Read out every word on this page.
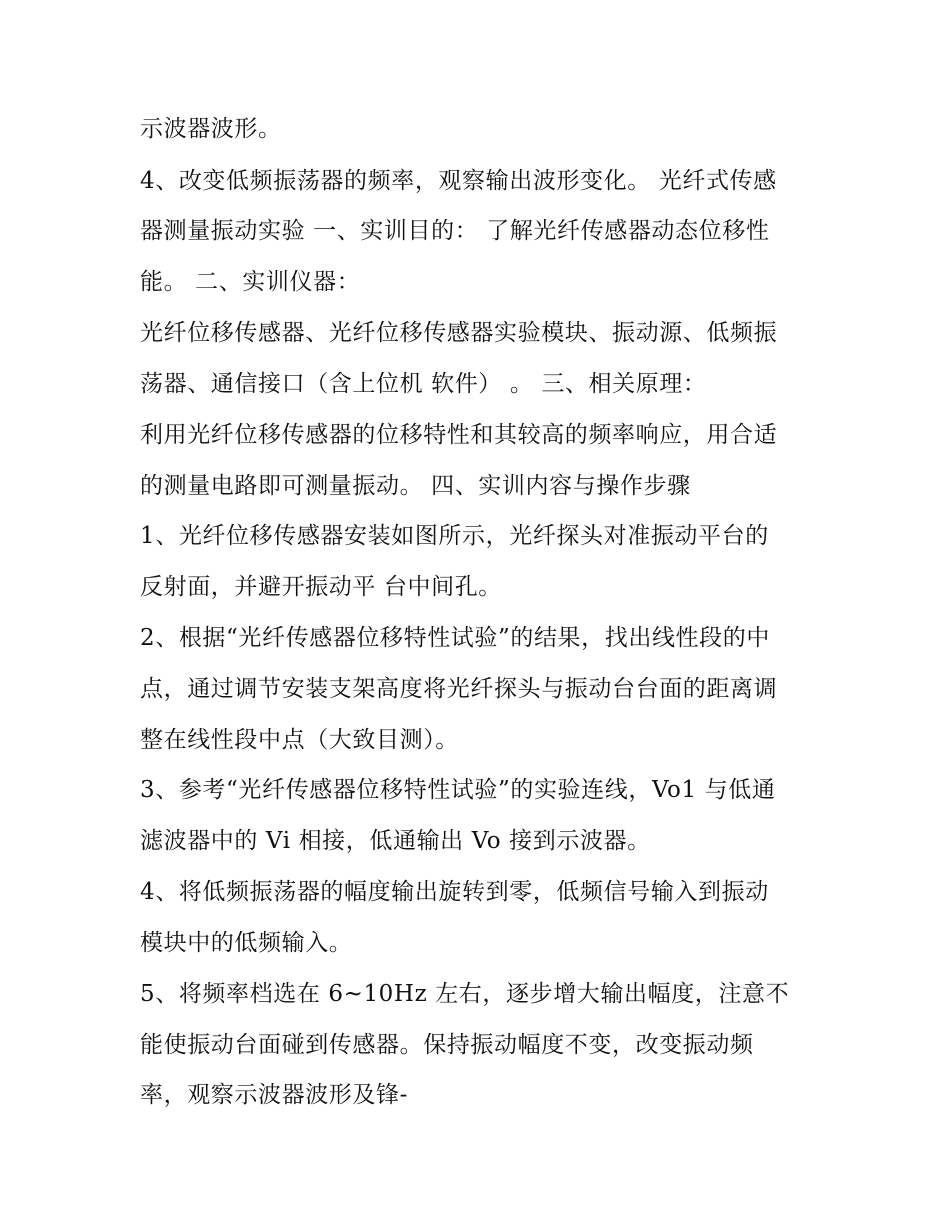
示波器波形。
4、改变低频振荡器的频率，观察输出波形变化。 光纤式传感
器测量振动实验 一、实训目的： 了解光纤传感器动态位移性
能。 二、实训仪器：
光纤位移传感器、光纤位移传感器实验模块、振动源、低频振
荡器、通信接口（含上位机 软件） 。 三、相关原理：
利用光纤位移传感器的位移特性和其较高的频率响应，用合适
的测量电路即可测量振动。 四、实训内容与操作步骤
1、光纤位移传感器安装如图所示，光纤探头对准振动平台的
反射面，并避开振动平 台中间孔。
2、根据“光纤传感器位移特性试验”的结果，找出线性段的中
点，通过调节安装支架高度将光纤探头与振动台台面的距离调
整在线性段中点（大致目测）。
3、参考“光纤传感器位移特性试验”的实验连线，Vo1 与低通
滤波器中的 Vi 相接，低通输出 Vo 接到示波器。
4、将低频振荡器的幅度输出旋转到零，低频信号输入到振动
模块中的低频输入。
5、将频率档选在 6~10Hz 左右，逐步增大输出幅度，注意不
能使振动台面碰到传感器。保持振动幅度不变，改变振动频
率，观察示波器波形及锋-
